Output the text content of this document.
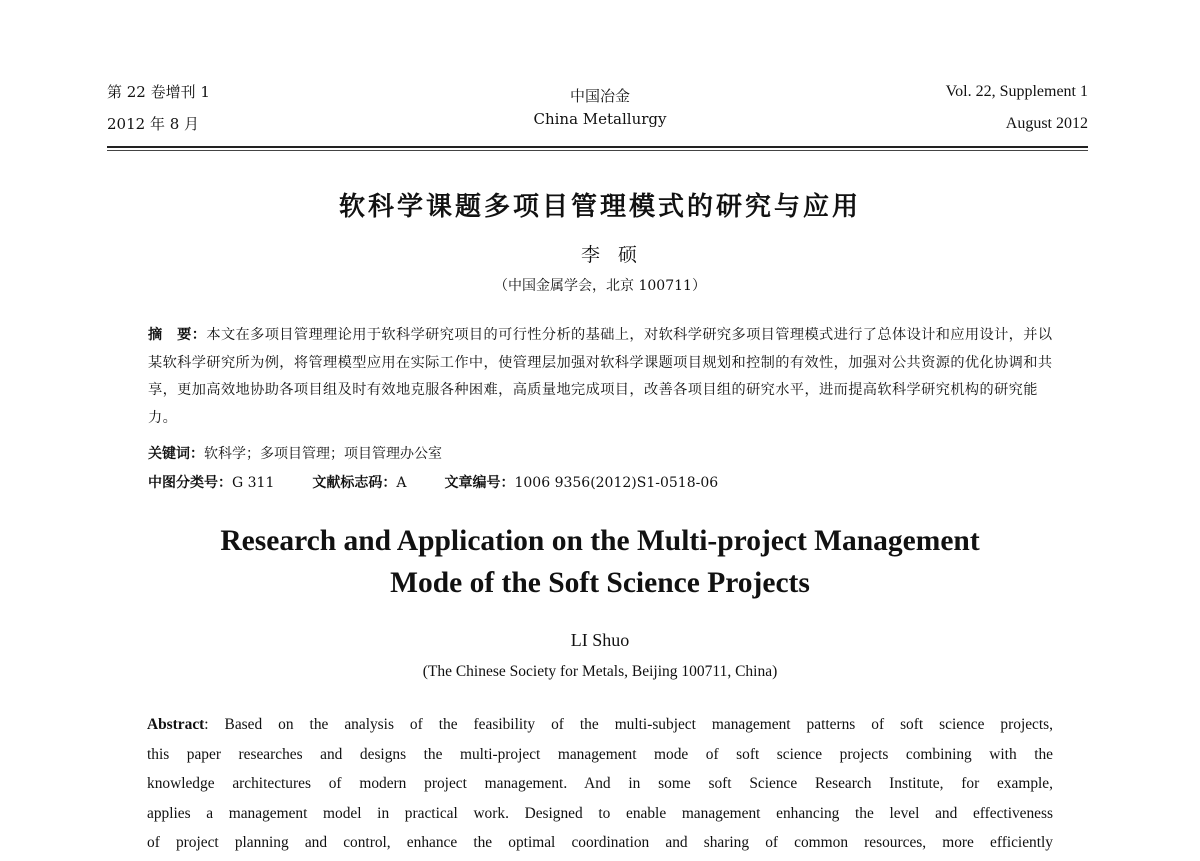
第 22 卷增刊 1
2012 年 8 月
中国冶金
China Metallurgy
Vol. 22, Supplement 1
August 2012
软科学课题多项目管理模式的研究与应用
李硕
（中国金属学会，北京 100711）
摘　要：本文在多项目管理理论用于软科学研究项目的可行性分析的基础上，对软科学研究多项目管理模式进行了总体设计和应用设计，并以某软科学研究所为例，将管理模型应用在实际工作中，使管理层加强对软科学课题项目规划和控制的有效性，加强对公共资源的优化协调和共享，更加高效地协助各项目组及时有效地克服各种困难，高质量地完成项目，改善各项目组的研究水平，进而提高软科学研究机构的研究能力。
关键词：软科学；多项目管理；项目管理办公室
中图分类号：G 311	文献标志码：A	文章编号：1006 9356(2012)S1-0518-06
Research and Application on the Multi-project Management
Mode of the Soft Science Projects
LI Shuo
(The Chinese Society for Metals, Beijing 100711, China)
Abstract: Based on the analysis of the feasibility of the multi-subject management patterns of soft science projects,
this paper researches and designs the multi-project management mode of soft science projects combining with the
knowledge architectures of modern project management. And in some soft Science Research Institute, for example,
applies a management model in practical work. Designed to enable management enhancing the level and effectiveness
of project planning and control, enhance the optimal coordination and sharing of common resources, more efficiently
